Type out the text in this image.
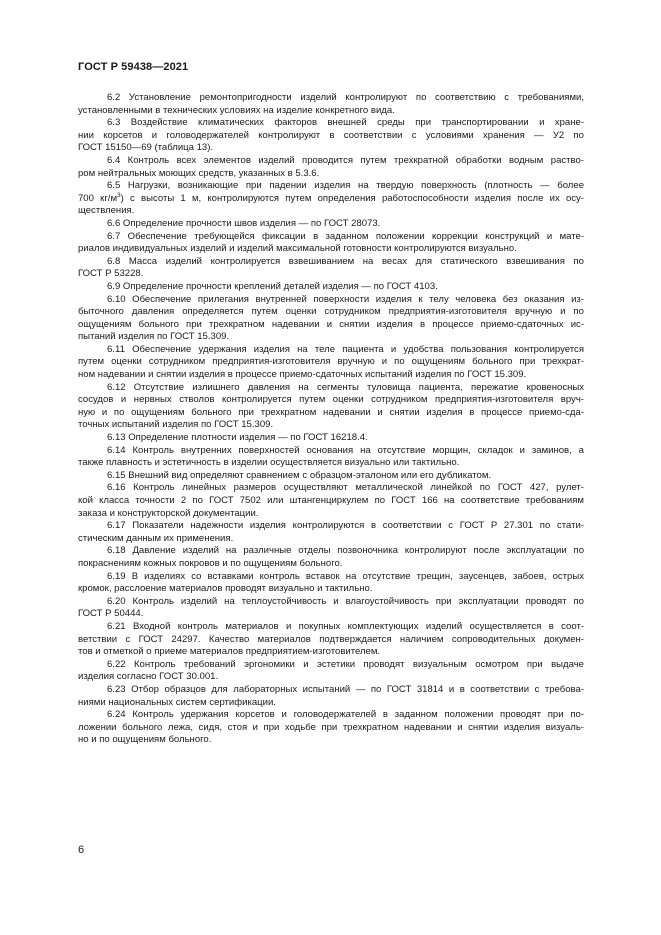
ГОСТ Р 59438—2021
6.2 Установление ремонтопригодности изделий контролируют по соответствию с требованиями,
установленными в технических условиях на изделие конкретного вида.
6.3 Воздействие климатических факторов внешней среды при транспортировании и хране-
нии корсетов и головодержателей контролируют в соответствии с условиями хранения — У2 по
ГОСТ 15150—69 (таблица 13).
6.4 Контроль всех элементов изделий проводится путем трехкратной обработки водным раство-
ром нейтральных моющих средств, указанных в 5.3.6.
6.5 Нагрузки, возникающие при падении изделия на твердую поверхность (плотность — более
700 $кг/м^3$) с высоты 1 м, контролируются путем определения работоспособности изделия после их осу-
ществления.
6.6 Определение прочности швов изделия — по ГОСТ 28073.
6.7 Обеспечение требующейся фиксации в заданном положении коррекции конструкций и мате-
риалов индивидуальных изделий и изделий максимальной готовности контролируются визуально.
6.8 Масса изделий контролируется взвешиванием на весах для статического взвешивания по
ГОСТ Р 53228.
6.9 Определение прочности креплений деталей изделия — по ГОСТ 4103.
6.10 Обеспечение прилегания внутренней поверхности изделия к телу человека без оказания из-
быточного давления определяется путем оценки сотрудником предприятия-изготовителя вручную и по
ощущениям больного при трехкратном надевании и снятии изделия в процессе приемо-сдаточных ис-
пытаний изделия по ГОСТ 15.309.
6.11 Обеспечение удержания изделия на теле пациента и удобства пользования контролируется
путем оценки сотрудником предприятия-изготовителя вручную и по ощущениям больного при трехкрат-
ном надевании и снятии изделия в процессе приемо-сдаточных испытаний изделия по ГОСТ 15.309.
6.12 Отсутствие излишнего давления на сегменты туловища пациента, пережатие кровеносных
сосудов и нервных стволов контролируется путем оценки сотрудником предприятия-изготовителя вруч-
ную и по ощущениям больного при трехкратном надевании и снятии изделия в процессе приемо-сда-
точных испытаний изделия по ГОСТ 15.309.
6.13 Определение плотности изделия — по ГОСТ 16218.4.
6.14 Контроль внутренних поверхностей основания на отсутствие морщин, складок и заминов, а
также плавность и эстетичность в изделии осуществляется визуально или тактильно.
6.15 Внешний вид определяют сравнением с образцом-эталоном или его дубликатом.
6.16 Контроль линейных размеров осуществляют металлической линейкой по ГОСТ 427, рулет-
кой класса точности 2 по ГОСТ 7502 или штангенциркулем по ГОСТ 166 на соответствие требованиям
заказа и конструкторской документации.
6.17 Показатели надежности изделия контролируются в соответствии с ГОСТ Р 27.301 по стати-
стическим данным их применения.
6.18 Давление изделий на различные отделы позвоночника контролируют после эксплуатации по
покраснениям кожных покровов и по ощущениям больного.
6.19 В изделиях со вставками контроль вставок на отсутствие трещин, заусенцев, забоев, острых
кромок, расслоение материалов проводят визуально и тактильно.
6.20 Контроль изделий на теплоустойчивость и влагоустойчивость при эксплуатации проводят по
ГОСТ Р 50444.
6.21 Входной контроль материалов и покупных комплектующих изделий осуществляется в соот-
ветствии с ГОСТ 24297. Качество материалов подтверждается наличием сопроводительных докумен-
тов и отметкой о приеме материалов предприятием-изготовителем.
6.22 Контроль требований эргономики и эстетики проводят визуальным осмотром при выдаче
изделия согласно ГОСТ 30.001.
6.23 Отбор образцов для лабораторных испытаний — по ГОСТ 31814 и в соответствии с требова-
ниями национальных систем сертификации.
6.24 Контроль удержания корсетов и головодержателей в заданном положении проводят при по-
ложении больного лежа, сидя, стоя и при ходьбе при трехкратном надевании и снятии изделия визуаль-
но и по ощущениям больного.
6
